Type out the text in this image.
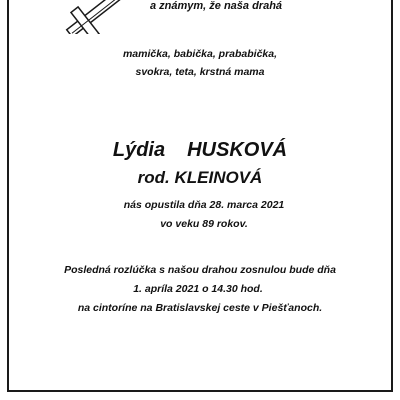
a známym, že naša drahá
mamička, babička, prababička,
svokra, teta, krstná mama
Lýdia HUSKOVÁ
rod. KLEINOVÁ
nás opustila dňa 28. marca 2021
vo veku 89 rokov.
Posledná rozlúčka s našou drahou zosnulou bude dňa
1. apríla 2021 o 14.30 hod.
na cintoríne na Bratislavskej ceste v Piešťanoch.
